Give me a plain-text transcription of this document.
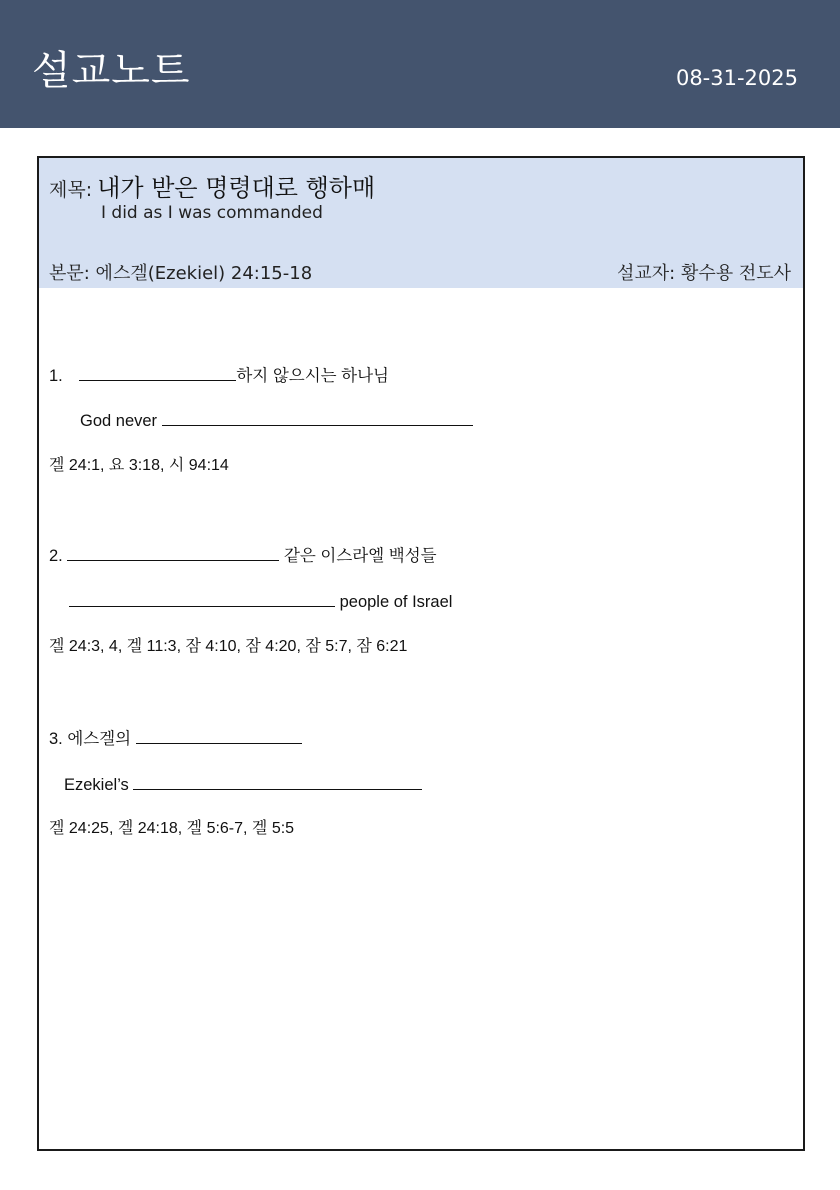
설교노트	08-31-2025
제목: 내가 받은 명령대로 행하매
I did as I was commanded
본문: 에스겔(Ezekiel) 24:15-18	설교자: 황수용 전도사
1.	하지 않으시는 하나님
God never
겔 24:1, 요 3:18, 시 94:14
2.	같은 이스라엘 백성들
people of Israel
겔 24:3, 4, 겔 11:3, 잠 4:10, 잠 4:20, 잠 5:7, 잠 6:21
3. 에스겔의
Ezekiel’s
겔 24:25, 겔 24:18, 겔 5:6-7, 겔 5:5
